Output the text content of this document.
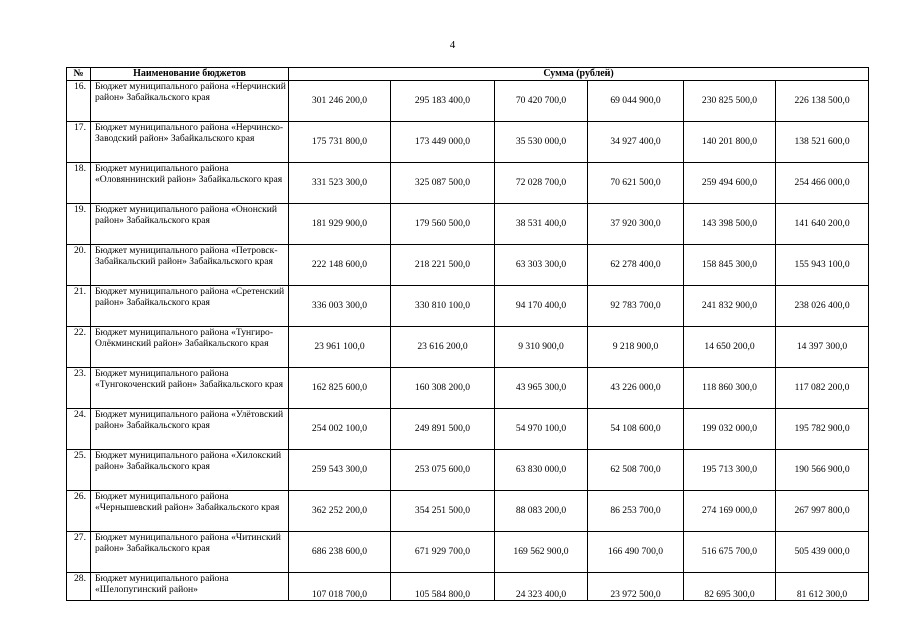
4
№	Наименование бюджетов	Сумма (рублей)					
16.	Бюджет муниципального района «Нерчинский район» Забайкальского края	301 246 200,0	295 183 400,0	70 420 700,0	69 044 900,0	230 825 500,0	226 138 500,0
17.	Бюджет муниципального района «Нерчинско-Заводский район» Забайкальского края	175 731 800,0	173 449 000,0	35 530 000,0	34 927 400,0	140 201 800,0	138 521 600,0
18.	Бюджет муниципального района «Оловяннинский район» Забайкальского края	331 523 300,0	325 087 500,0	72 028 700,0	70 621 500,0	259 494 600,0	254 466 000,0
19.	Бюджет муниципального района «Ононский район» Забайкальского края	181 929 900,0	179 560 500,0	38 531 400,0	37 920 300,0	143 398 500,0	141 640 200,0
20.	Бюджет муниципального района «Петровск-Забайкальский район» Забайкальского края	222 148 600,0	218 221 500,0	63 303 300,0	62 278 400,0	158 845 300,0	155 943 100,0
21.	Бюджет муниципального района «Сретенский район» Забайкальского края	336 003 300,0	330 810 100,0	94 170 400,0	92 783 700,0	241 832 900,0	238 026 400,0
22.	Бюджет муниципального района «Тунгиро-Олёкминский район» Забайкальского края	23 961 100,0	23 616 200,0	9 310 900,0	9 218 900,0	14 650 200,0	14 397 300,0
23.	Бюджет муниципального района «Тунгокоченский район» Забайкальского края	162 825 600,0	160 308 200,0	43 965 300,0	43 226 000,0	118 860 300,0	117 082 200,0
24.	Бюджет муниципального района «Улётовский район» Забайкальского края	254 002 100,0	249 891 500,0	54 970 100,0	54 108 600,0	199 032 000,0	195 782 900,0
25.	Бюджет муниципального района «Хилокский район» Забайкальского края	259 543 300,0	253 075 600,0	63 830 000,0	62 508 700,0	195 713 300,0	190 566 900,0
26.	Бюджет муниципального района «Чернышевский район» Забайкальского края	362 252 200,0	354 251 500,0	88 083 200,0	86 253 700,0	274 169 000,0	267 997 800,0
27.	Бюджет муниципального района «Читинский район» Забайкальского края	686 238 600,0	671 929 700,0	169 562 900,0	166 490 700,0	516 675 700,0	505 439 000,0
28.	Бюджет муниципального района «Шелопугинский район»	107 018 700,0	105 584 800,0	24 323 400,0	23 972 500,0	82 695 300,0	81 612 300,0
